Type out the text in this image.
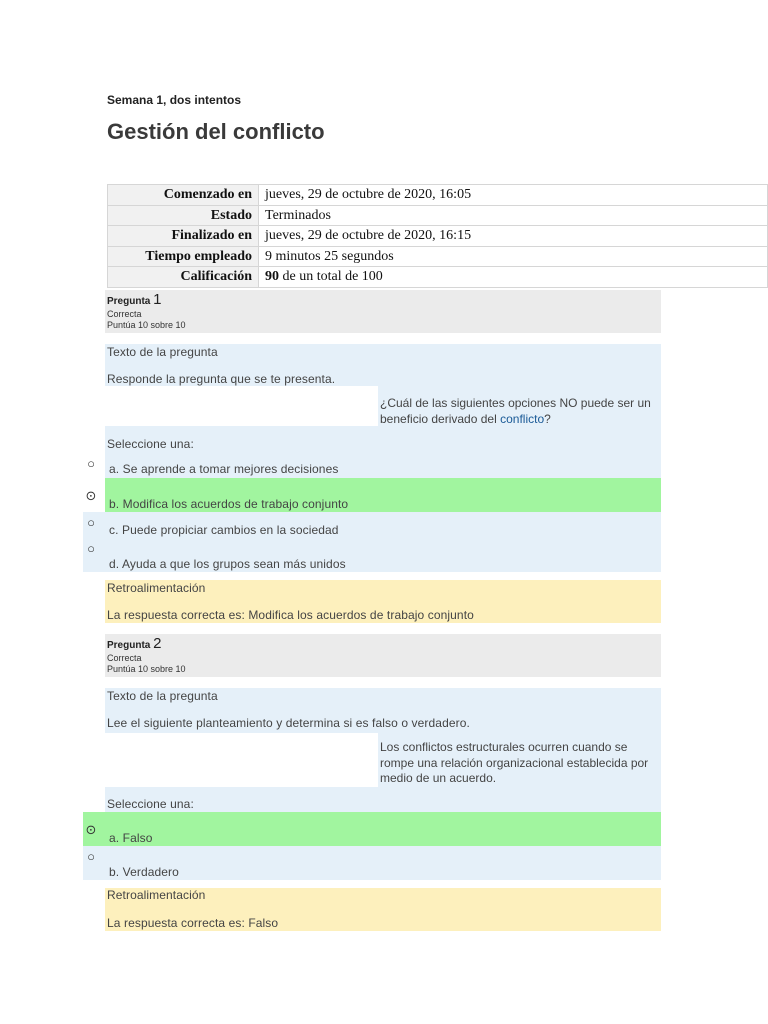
Semana 1, dos intentos
Gestión del conflicto
Comenzado en	jueves, 29 de octubre de 2020, 16:05
Estado	Terminados
Finalizado en	jueves, 29 de octubre de 2020, 16:15
Tiempo empleado	9 minutos 25 segundos
Calificación	90 de un total de 100
Pregunta 1
Correcta
Puntúa 10 sobre 10
Texto de la pregunta
Responde la pregunta que se te presenta.
¿Cuál de las siguientes opciones NO puede ser un beneficio derivado del conflicto?
Seleccione una:
○	a. Se aprende a tomar mejores decisiones
⊙
b. Modifica los acuerdos de trabajo conjunto
○	c. Puede propiciar cambios en la sociedad
○
d. Ayuda a que los grupos sean más unidos
Retroalimentación
La respuesta correcta es: Modifica los acuerdos de trabajo conjunto
Pregunta 2
Correcta
Puntúa 10 sobre 10
Texto de la pregunta
Lee el siguiente planteamiento y determina si es falso o verdadero.
Los conflictos estructurales ocurren cuando se rompe una relación organizacional establecida por medio de un acuerdo.
Seleccione una:
⊙
a. Falso
○
b. Verdadero
Retroalimentación
La respuesta correcta es: Falso
